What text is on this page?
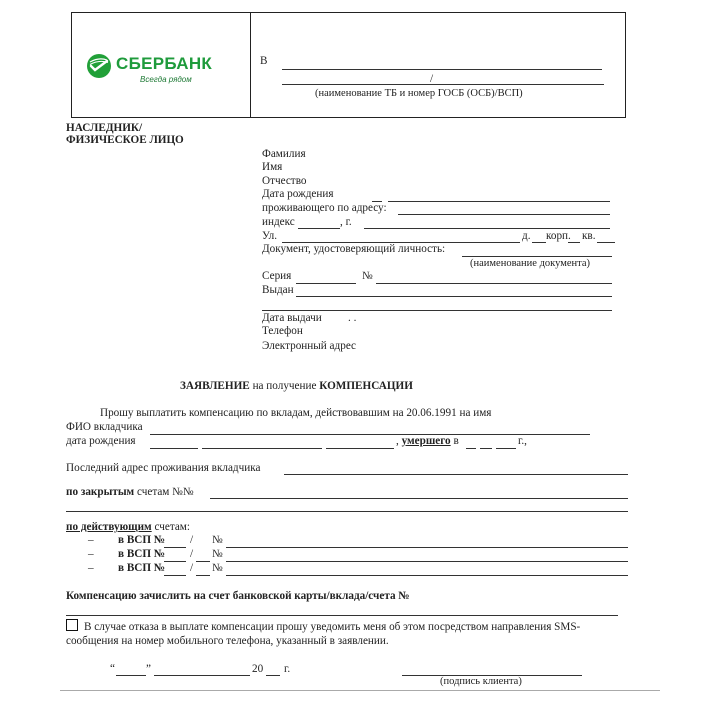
СБЕРБАНК
Всегда рядом
В
/
(наименование ТБ и номер ГОСБ (ОСБ)/ВСП)
НАСЛЕДНИК/
ФИЗИЧЕСКОЕ ЛИЦО
Фамилия
Имя
Отчество
Дата рождения
проживающего по адресу:
индекс	, г.
Ул.	д. корп. кв.
Документ, удостоверяющий личность:
(наименование документа)
Серия	№
Выдан
Дата выдачи . .
Телефон
Электронный адрес
ЗАЯВЛЕНИЕ на получение КОМПЕНСАЦИИ
Прошу выплатить компенсацию по вкладам, действовавшим на 20.06.1991 на имя
ФИО вкладчика
дата рождения	, умершего в	г.,
Последний адрес проживания вкладчика
по закрытым счетам №№
по действующим счетам:
– в ВСП № / №
– в ВСП № / №
– в ВСП № / №
Компенсацию зачислить на счет банковской карты/вклада/счета №
В случае отказа в выплате компенсации прошу уведомить меня об этом посредством направления SMS-
сообщения на номер мобильного телефона, указанный в заявлении.
“	”	20 г.
(подпись клиента)
